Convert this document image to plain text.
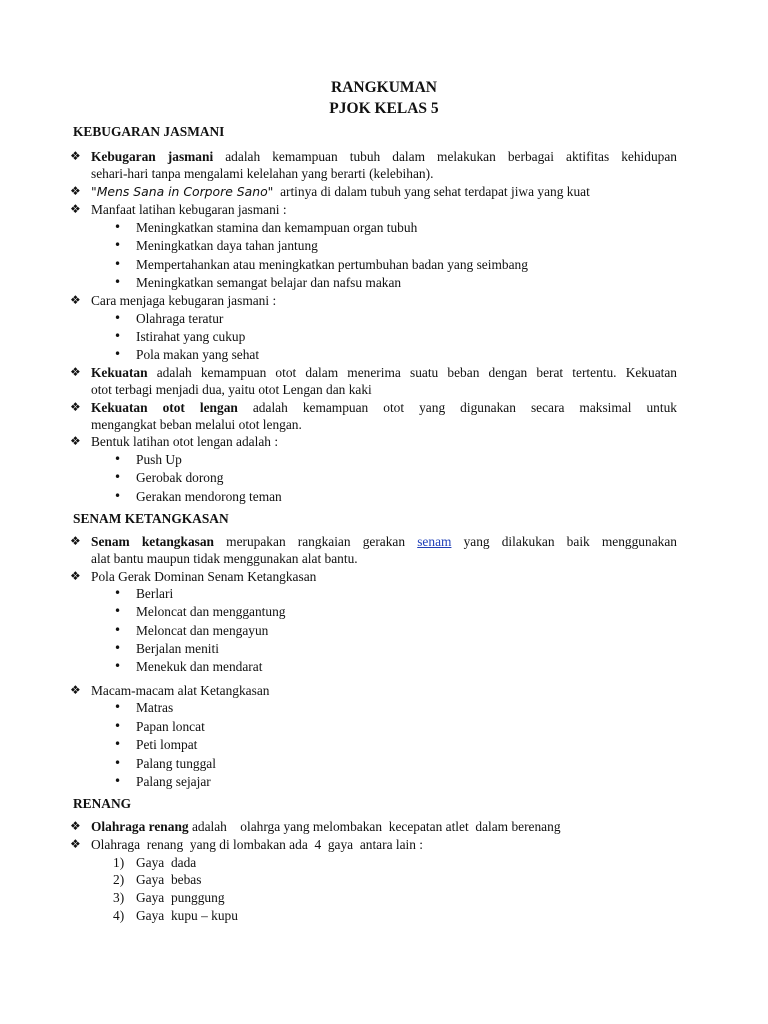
RANGKUMAN
PJOK KELAS 5
KEBUGARAN JASMANI
❖ Kebugaran jasmani adalah kemampuan tubuh dalam melakukan berbagai aktifitas kehidupan
sehari-hari tanpa mengalami kelelahan yang berarti (kelebihan).
❖ "Mens Sana in Corpore Sano" artinya di dalam tubuh yang sehat terdapat jiwa yang kuat
❖ Manfaat latihan kebugaran jasmani :
• Meningkatkan stamina dan kemampuan organ tubuh
• Meningkatkan daya tahan jantung
• Mempertahankan atau meningkatkan pertumbuhan badan yang seimbang
• Meningkatkan semangat belajar dan nafsu makan
❖ Cara menjaga kebugaran jasmani :
• Olahraga teratur
• Istirahat yang cukup
• Pola makan yang sehat
❖ Kekuatan adalah kemampuan otot dalam menerima suatu beban dengan berat tertentu. Kekuatan
otot terbagi menjadi dua, yaitu otot Lengan dan kaki
❖ Kekuatan otot lengan adalah kemampuan otot yang digunakan secara maksimal untuk
mengangkat beban melalui otot lengan.
❖ Bentuk latihan otot lengan adalah :
• Push Up
• Gerobak dorong
• Gerakan mendorong teman
SENAM KETANGKASAN
❖ Senam ketangkasan merupakan rangkaian gerakan senam yang dilakukan baik menggunakan
alat bantu maupun tidak menggunakan alat bantu.
❖ Pola Gerak Dominan Senam Ketangkasan
• Berlari
• Meloncat dan menggantung
• Meloncat dan mengayun
• Berjalan meniti
• Menekuk dan mendarat
❖ Macam-macam alat Ketangkasan
• Matras
• Papan loncat
• Peti lompat
• Palang tunggal
• Palang sejajar
RENANG
❖ Olahraga renang adalah    olahrga yang melombakan  kecepatan atlet  dalam berenang
❖ Olahraga  renang  yang di lombakan ada  4  gaya  antara lain :
1) Gaya  dada
2) Gaya  bebas
3) Gaya  punggung
4) Gaya  kupu – kupu
